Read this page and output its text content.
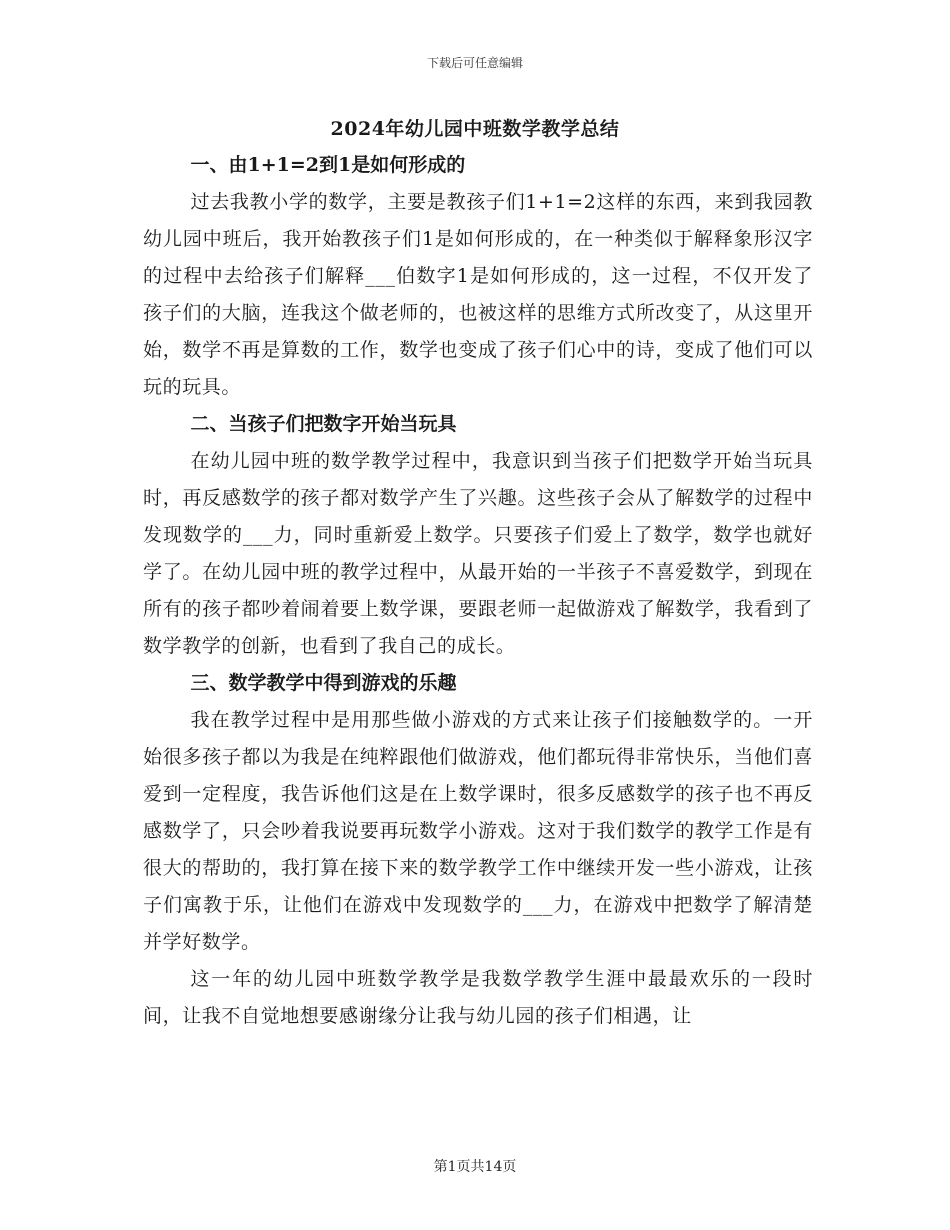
下载后可任意编辑
2024年幼儿园中班数学教学总结
一、由1+1=2到1是如何形成的

过去我教小学的数学，主要是教孩子们1+1=2这样的东西，来到我园教幼儿园中班后，我开始教孩子们1是如何形成的，在一种类似于解释象形汉字的过程中去给孩子们解释___伯数字1是如何形成的，这一过程，不仅开发了孩子们的大脑，连我这个做老师的，也被这样的思维方式所改变了，从这里开始，数学不再是算数的工作，数学也变成了孩子们心中的诗，变成了他们可以玩的玩具。

二、当孩子们把数字开始当玩具

在幼儿园中班的数学教学过程中，我意识到当孩子们把数学开始当玩具时，再反感数学的孩子都对数学产生了兴趣。这些孩子会从了解数学的过程中发现数学的___力，同时重新爱上数学。只要孩子们爱上了数学，数学也就好学了。在幼儿园中班的教学过程中，从最开始的一半孩子不喜爱数学，到现在所有的孩子都吵着闹着要上数学课，要跟老师一起做游戏了解数学，我看到了数学教学的创新，也看到了我自己的成长。

三、数学教学中得到游戏的乐趣

我在教学过程中是用那些做小游戏的方式来让孩子们接触数学的。一开始很多孩子都以为我是在纯粹跟他们做游戏，他们都玩得非常快乐，当他们喜爱到一定程度，我告诉他们这是在上数学课时，很多反感数学的孩子也不再反感数学了，只会吵着我说要再玩数学小游戏。这对于我们数学的教学工作是有很大的帮助的，我打算在接下来的数学教学工作中继续开发一些小游戏，让孩子们寓教于乐，让他们在游戏中发现数学的___力，在游戏中把数学了解清楚并学好数学。

这一年的幼儿园中班数学教学是我数学教学生涯中最最欢乐的一段时间，让我不自觉地想要感谢缘分让我与幼儿园的孩子们相遇，让

第1页共14页
